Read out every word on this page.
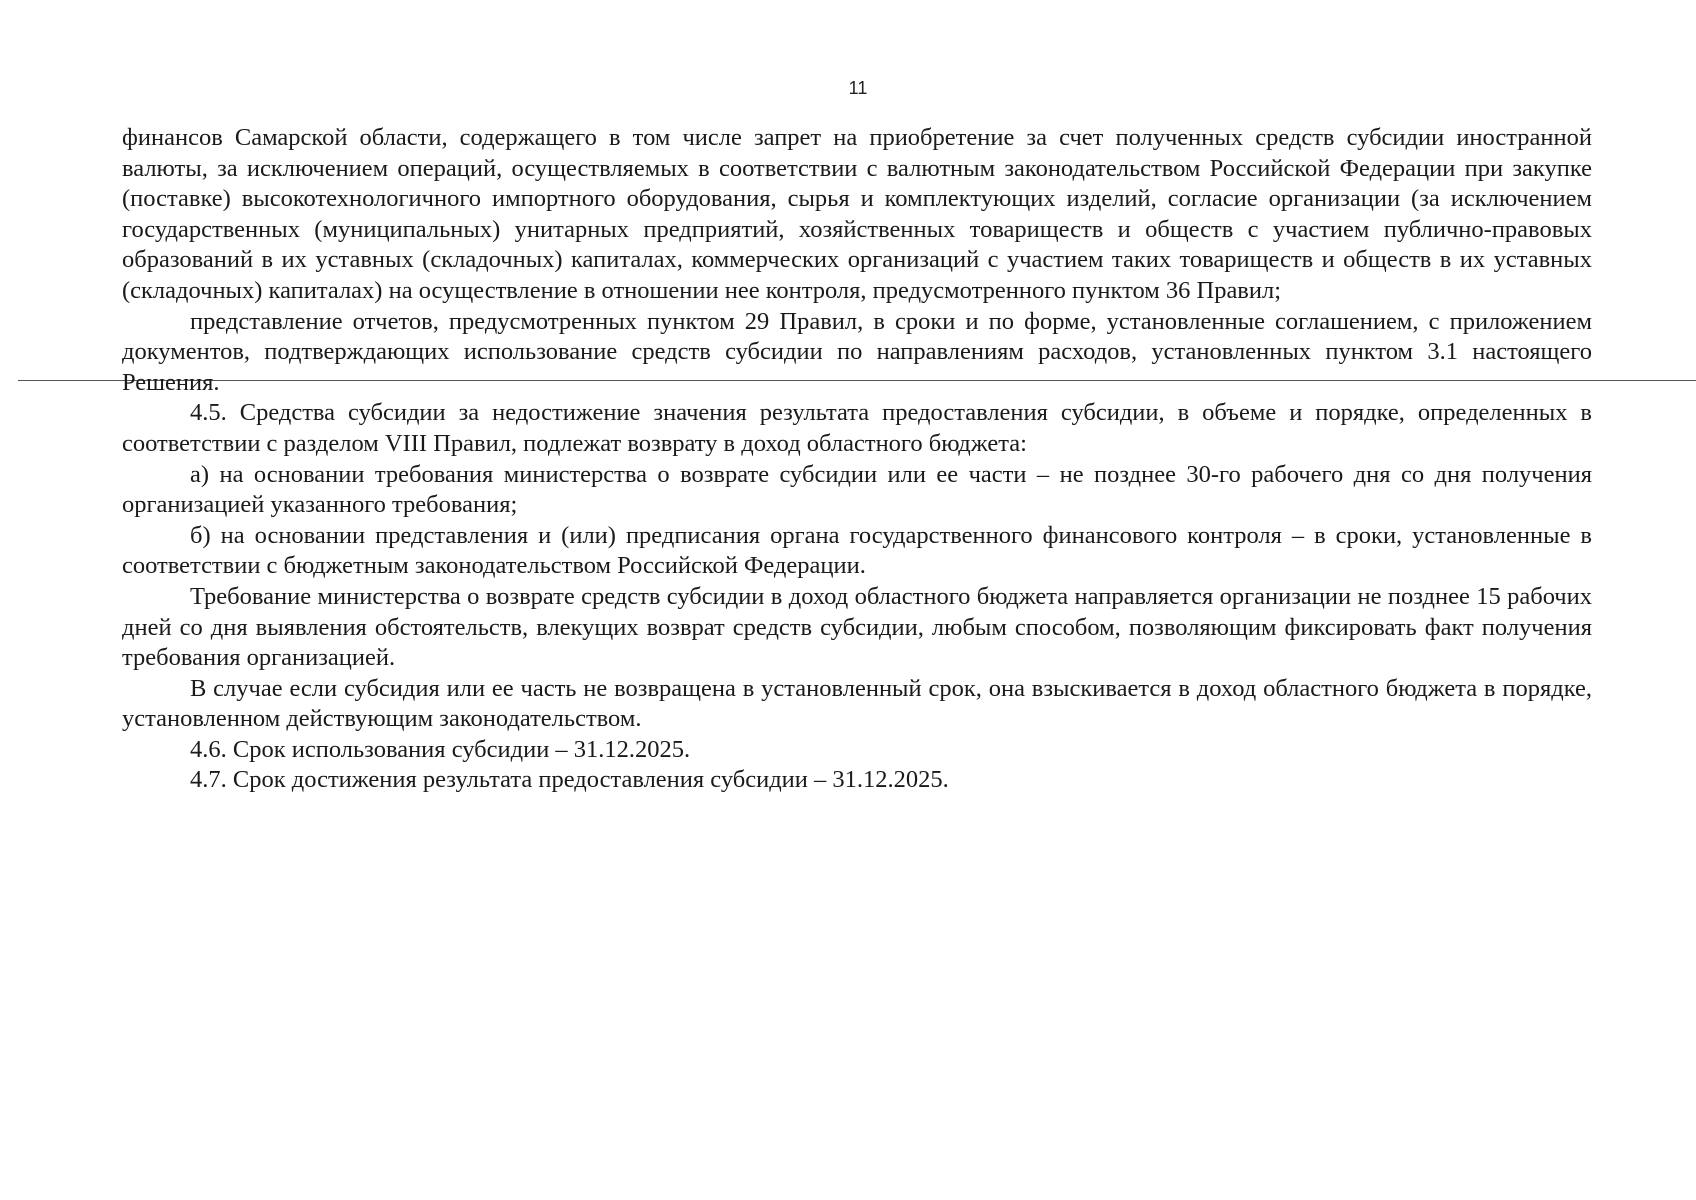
11

финансов Самарской области, содержащего в том числе запрет на приобретение за счет полученных средств субсидии иностранной валюты, за исключением операций, осуществляемых в соответствии с валютным законодательством Российской Федерации при закупке (поставке) высокотехнологичного импортного оборудования, сырья и комплектующих изделий, согласие организации (за исключением государственных (муниципальных) унитарных предприятий, хозяйственных товариществ и обществ с участием публично-правовых образований в их уставных (складочных) капиталах, коммерческих организаций с участием таких товариществ и обществ в их уставных (складочных) капиталах) на осуществление в отношении нее контроля, предусмотренного пунктом 36 Правил;

представление отчетов, предусмотренных пунктом 29 Правил, в сроки и по форме, установленные соглашением, с приложением документов, подтверждающих использование средств субсидии по направлениям расходов, установленных пунктом 3.1 настоящего Решения.

4.5. Средства субсидии за недостижение значения результата предоставления субсидии, в объеме и порядке, определенных в соответствии с разделом VIII Правил, подлежат возврату в доход областного бюджета:

а) на основании требования министерства о возврате субсидии или ее части – не позднее 30-го рабочего дня со дня получения организацией указанного требования;

б) на основании представления и (или) предписания органа государственного финансового контроля – в сроки, установленные в соответствии с бюджетным законодательством Российской Федерации.

Требование министерства о возврате средств субсидии в доход областного бюджета направляется организации не позднее 15 рабочих дней со дня выявления обстоятельств, влекущих возврат средств субсидии, любым способом, позволяющим фиксировать факт получения требования организацией.

В случае если субсидия или ее часть не возвращена в установленный срок, она взыскивается в доход областного бюджета в порядке, установленном действующим законодательством.

4.6. Срок использования субсидии – 31.12.2025.

4.7. Срок достижения результата предоставления субсидии – 31.12.2025.
